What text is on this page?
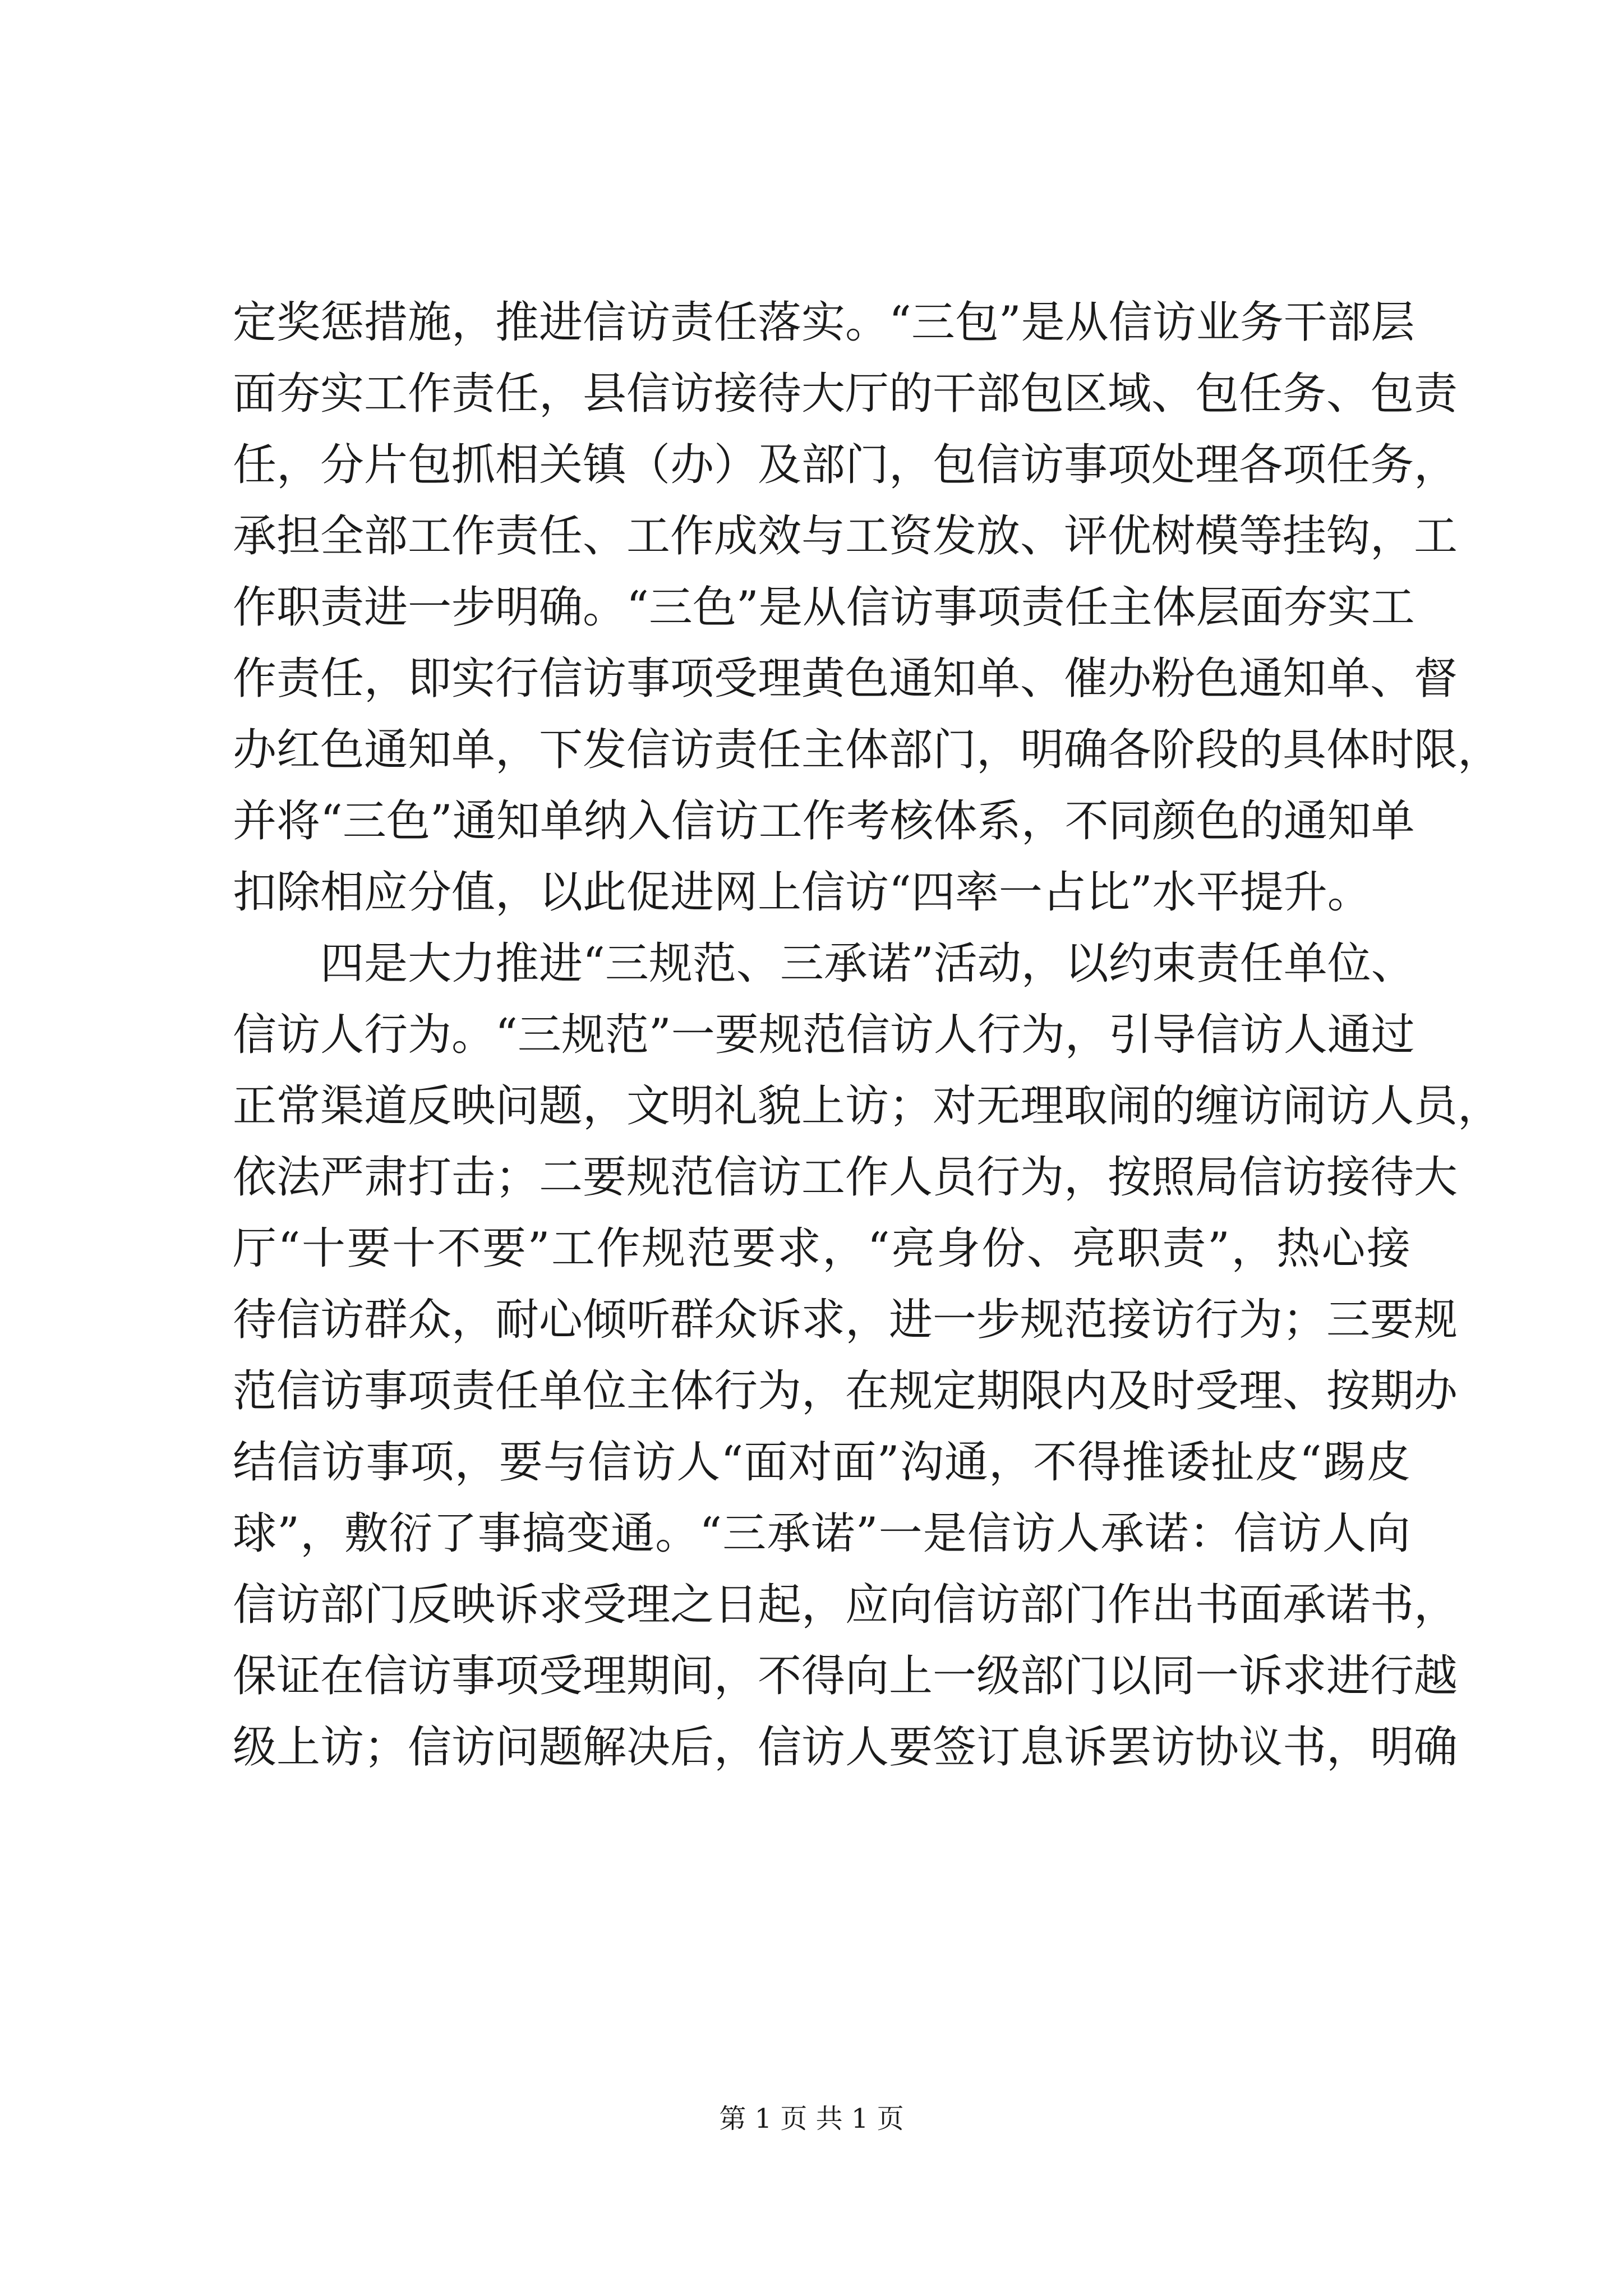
定奖惩措施，推进信访责任落实。“三包”是从信访业务干部层
面夯实工作责任，县信访接待大厅的干部包区域、包任务、包责
任，分片包抓相关镇（办）及部门，包信访事项处理各项任务，
承担全部工作责任、工作成效与工资发放、评优树模等挂钩，工
作职责进一步明确。“三色”是从信访事项责任主体层面夯实工
作责任，即实行信访事项受理黄色通知单、催办粉色通知单、督
办红色通知单，下发信访责任主体部门，明确各阶段的具体时限，
并将“三色”通知单纳入信访工作考核体系，不同颜色的通知单
扣除相应分值，以此促进网上信访“四率一占比”水平提升。
　　四是大力推进“三规范、三承诺”活动，以约束责任单位、
信访人行为。“三规范”一要规范信访人行为，引导信访人通过
正常渠道反映问题，文明礼貌上访；对无理取闹的缠访闹访人员，
依法严肃打击；二要规范信访工作人员行为，按照局信访接待大
厅“十要十不要”工作规范要求，“亮身份、亮职责”，热心接
待信访群众，耐心倾听群众诉求，进一步规范接访行为；三要规
范信访事项责任单位主体行为，在规定期限内及时受理、按期办
结信访事项，要与信访人“面对面”沟通，不得推诿扯皮“踢皮
球”，敷衍了事搞变通。“三承诺”一是信访人承诺：信访人向
信访部门反映诉求受理之日起，应向信访部门作出书面承诺书，
保证在信访事项受理期间，不得向上一级部门以同一诉求进行越
级上访；信访问题解决后，信访人要签订息诉罢访协议书，明确
第 1 页 共 1 页
